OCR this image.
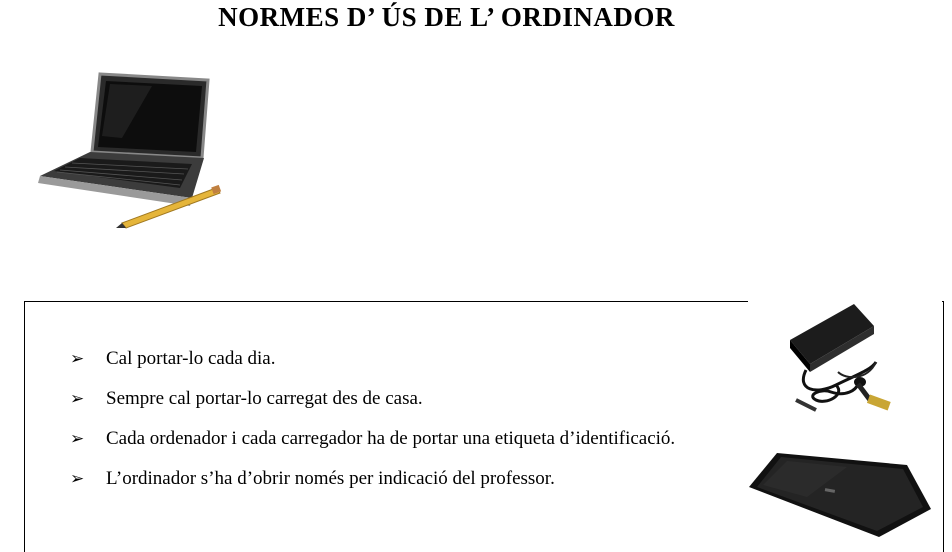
NORMES D’ ÚS DE L’ ORDINADOR
➢	Cal portar-lo cada dia.
➢	Sempre cal portar-lo carregat des de casa.
➢	Cada ordenador i cada carregador ha de portar una etiqueta d’identificació.
➢	L’ordinador s’ha d’obrir només per indicació del professor.
